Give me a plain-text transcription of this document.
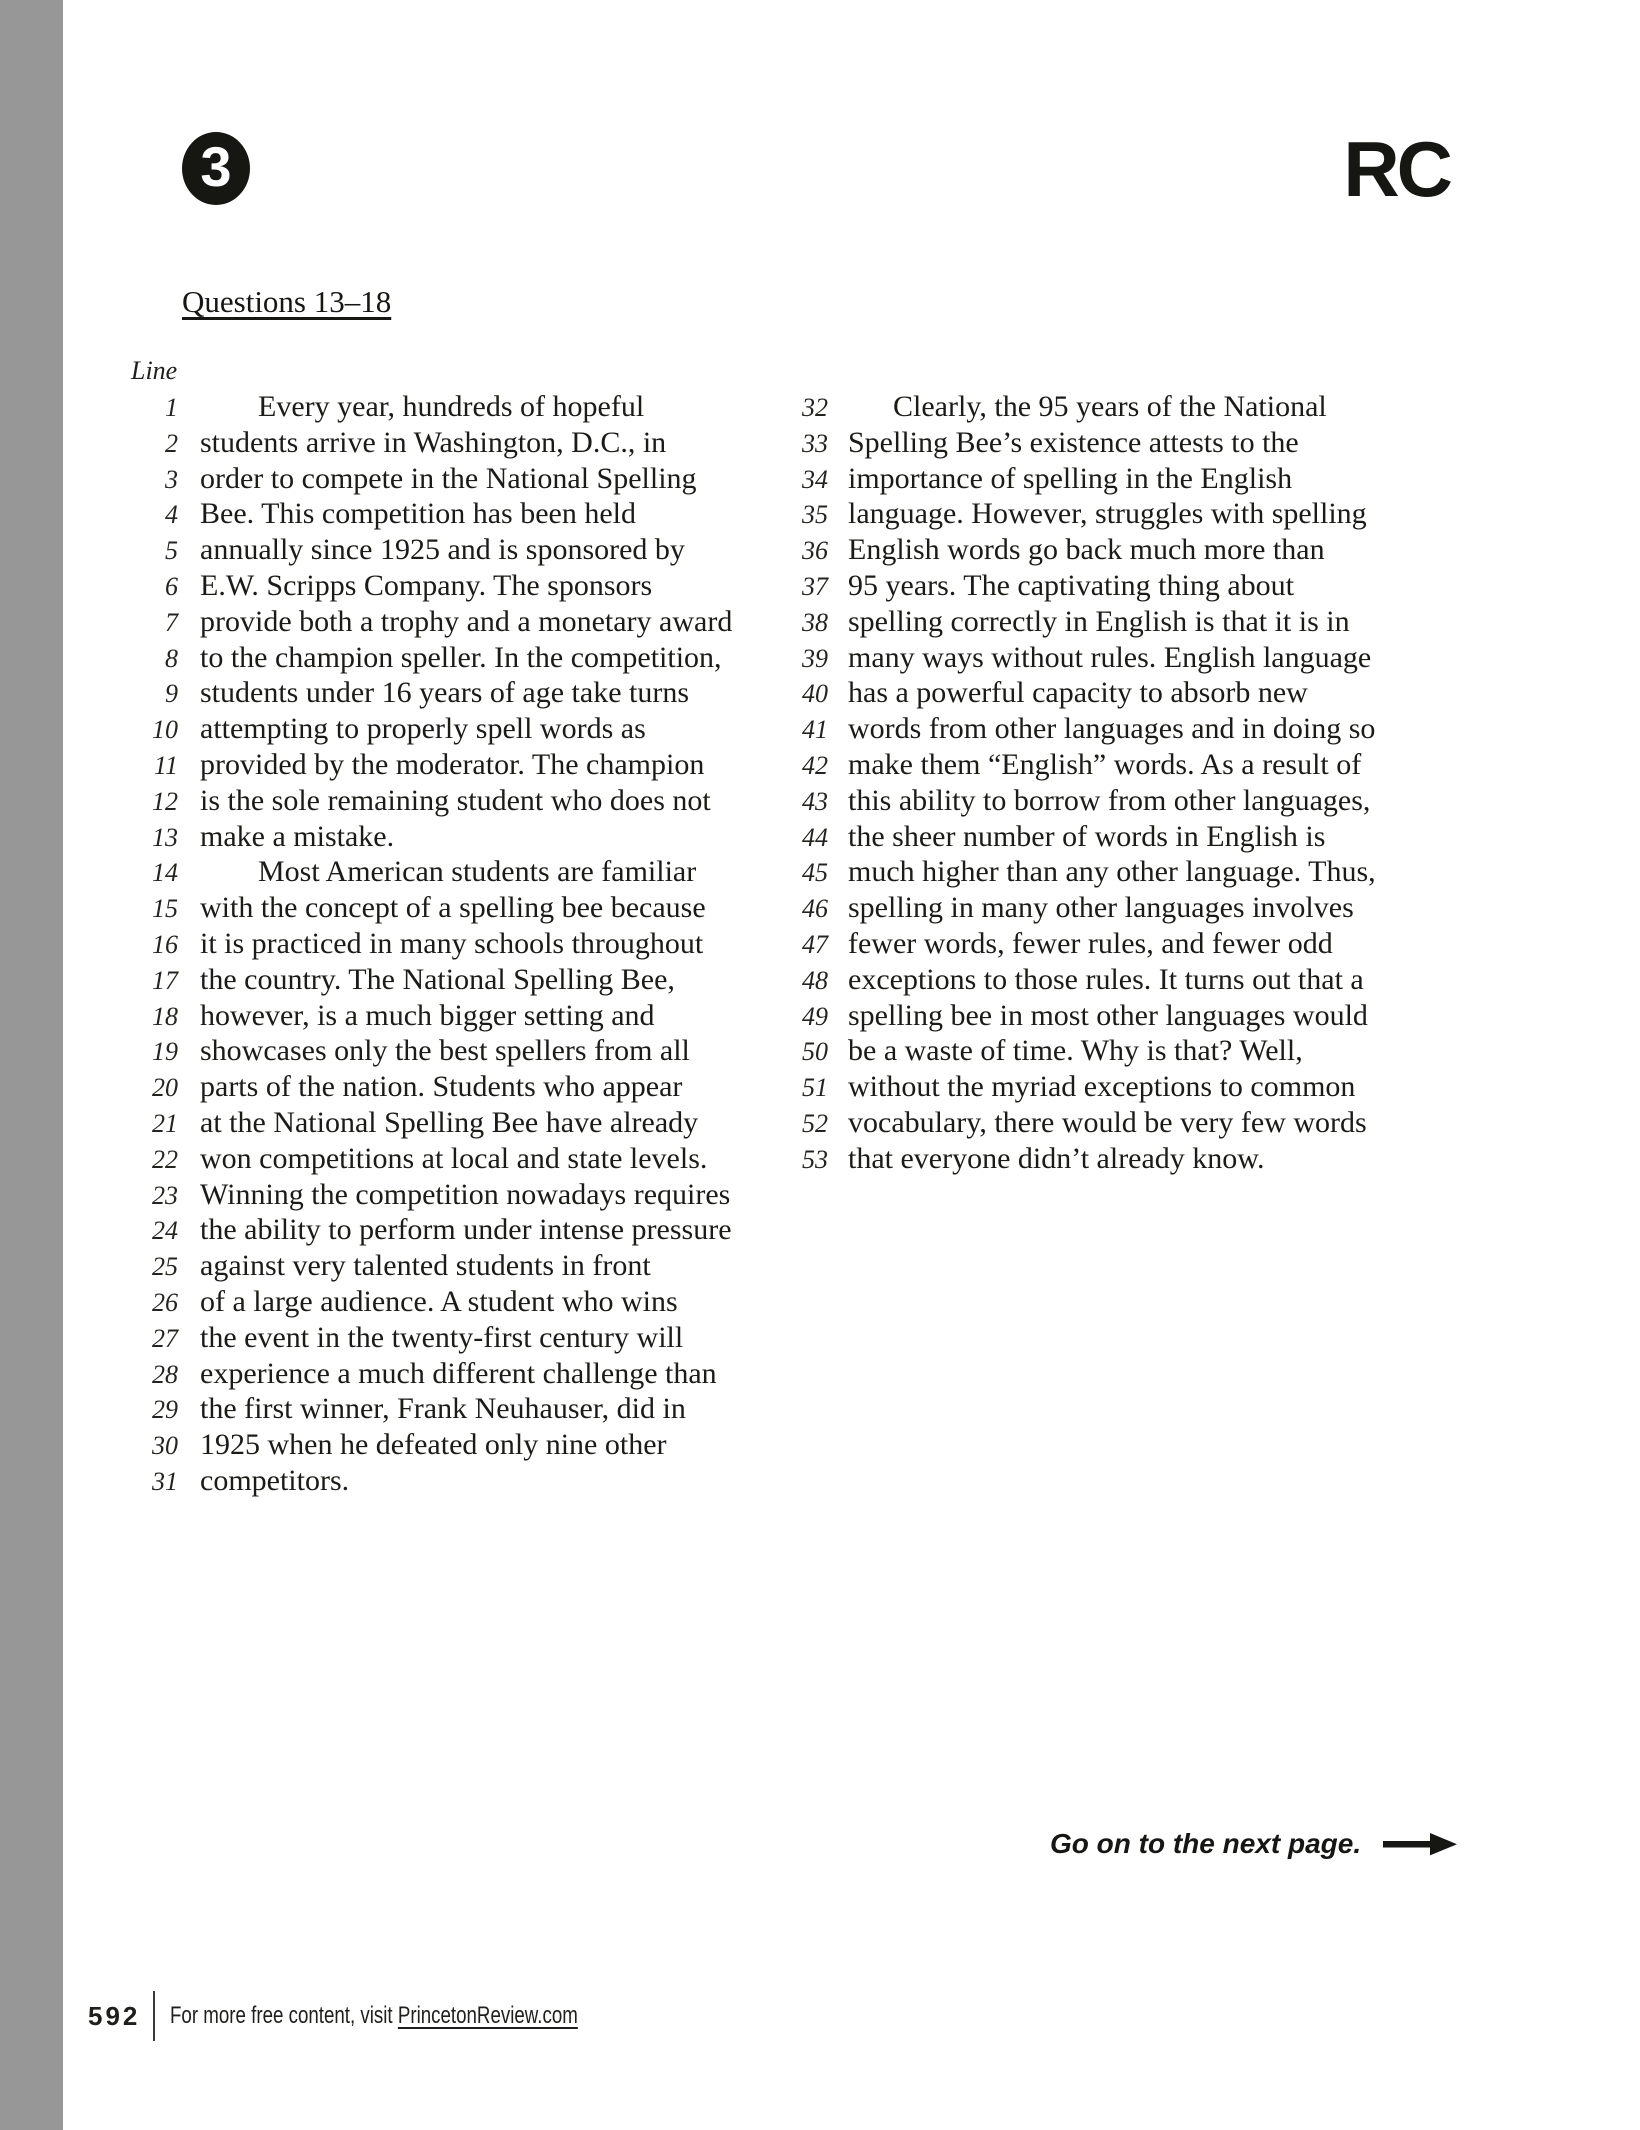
3	RC
Questions 13–18
Line
1	Every year, hundreds of hopeful
2 students arrive in Washington, D.C., in
3 order to compete in the National Spelling
4 Bee. This competition has been held
5 annually since 1925 and is sponsored by
6 E.W. Scripps Company. The sponsors
7 provide both a trophy and a monetary award
8 to the champion speller. In the competition,
9 students under 16 years of age take turns
10 attempting to properly spell words as
11 provided by the moderator. The champion
12 is the sole remaining student who does not
13 make a mistake.
14	Most American students are familiar
15 with the concept of a spelling bee because
16 it is practiced in many schools throughout
17 the country. The National Spelling Bee,
18 however, is a much bigger setting and
19 showcases only the best spellers from all
20 parts of the nation. Students who appear
21 at the National Spelling Bee have already
22 won competitions at local and state levels.
23 Winning the competition nowadays requires
24 the ability to perform under intense pressure
25 against very talented students in front
26 of a large audience. A student who wins
27 the event in the twenty-first century will
28 experience a much different challenge than
29 the first winner, Frank Neuhauser, did in
30 1925 when he defeated only nine other
31 competitors.
32	Clearly, the 95 years of the National
33 Spelling Bee’s existence attests to the
34 importance of spelling in the English
35 language. However, struggles with spelling
36 English words go back much more than
37 95 years. The captivating thing about
38 spelling correctly in English is that it is in
39 many ways without rules. English language
40 has a powerful capacity to absorb new
41 words from other languages and in doing so
42 make them “English” words. As a result of
43 this ability to borrow from other languages,
44 the sheer number of words in English is
45 much higher than any other language. Thus,
46 spelling in many other languages involves
47 fewer words, fewer rules, and fewer odd
48 exceptions to those rules. It turns out that a
49 spelling bee in most other languages would
50 be a waste of time. Why is that? Well,
51 without the myriad exceptions to common
52 vocabulary, there would be very few words
53 that everyone didn’t already know.
Go on to the next page.
592 For more free content, visit PrincetonReview.com
